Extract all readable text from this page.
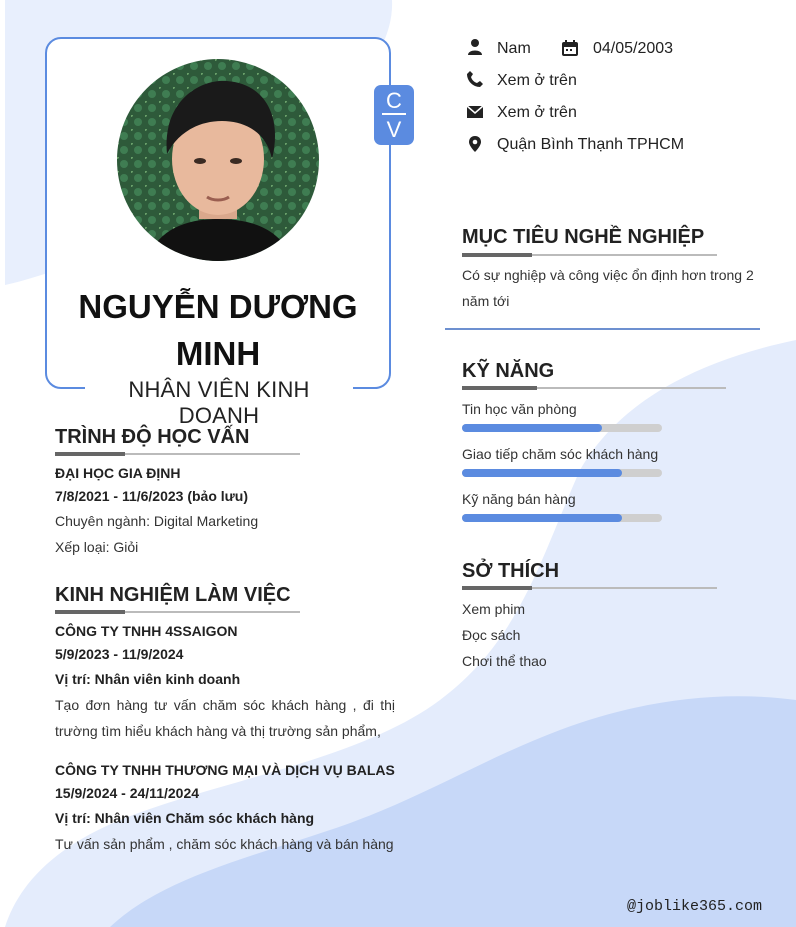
NGUYỄN DƯƠNG
MINH
NHÂN VIÊN KINH DOANH
C
V
Nam	04/05/2003
Xem ở trên
Xem ở trên
Quận Bình Thạnh TPHCM
MỤC TIÊU NGHỀ NGHIỆP
Có sự nghiệp và công việc ổn định hơn trong 2
năm tới
KỸ NĂNG
Tin học văn phòng
Giao tiếp chăm sóc khách hàng
Kỹ năng bán hàng
SỞ THÍCH
Xem phim
Đọc sách
Chơi thể thao
TRÌNH ĐỘ HỌC VẤN
ĐẠI HỌC GIA ĐỊNH
7/8/2021 - 11/6/2023 (bảo lưu)
Chuyên ngành: Digital Marketing
Xếp loại: Giỏi
KINH NGHIỆM LÀM VIỆC
CÔNG TY TNHH 4SSAIGON
5/9/2023 - 11/9/2024
Vị trí: Nhân viên kinh doanh
Tạo đơn hàng tư vấn chăm sóc khách hàng , đi thị
trường tìm hiểu khách hàng và thị trường sản phẩm,
CÔNG TY TNHH THƯƠNG MẠI VÀ DỊCH VỤ BALAS
15/9/2024 - 24/11/2024
Vị trí: Nhân viên Chăm sóc khách hàng
Tư vấn sản phẩm , chăm sóc khách hàng và bán hàng
@joblike365.com
